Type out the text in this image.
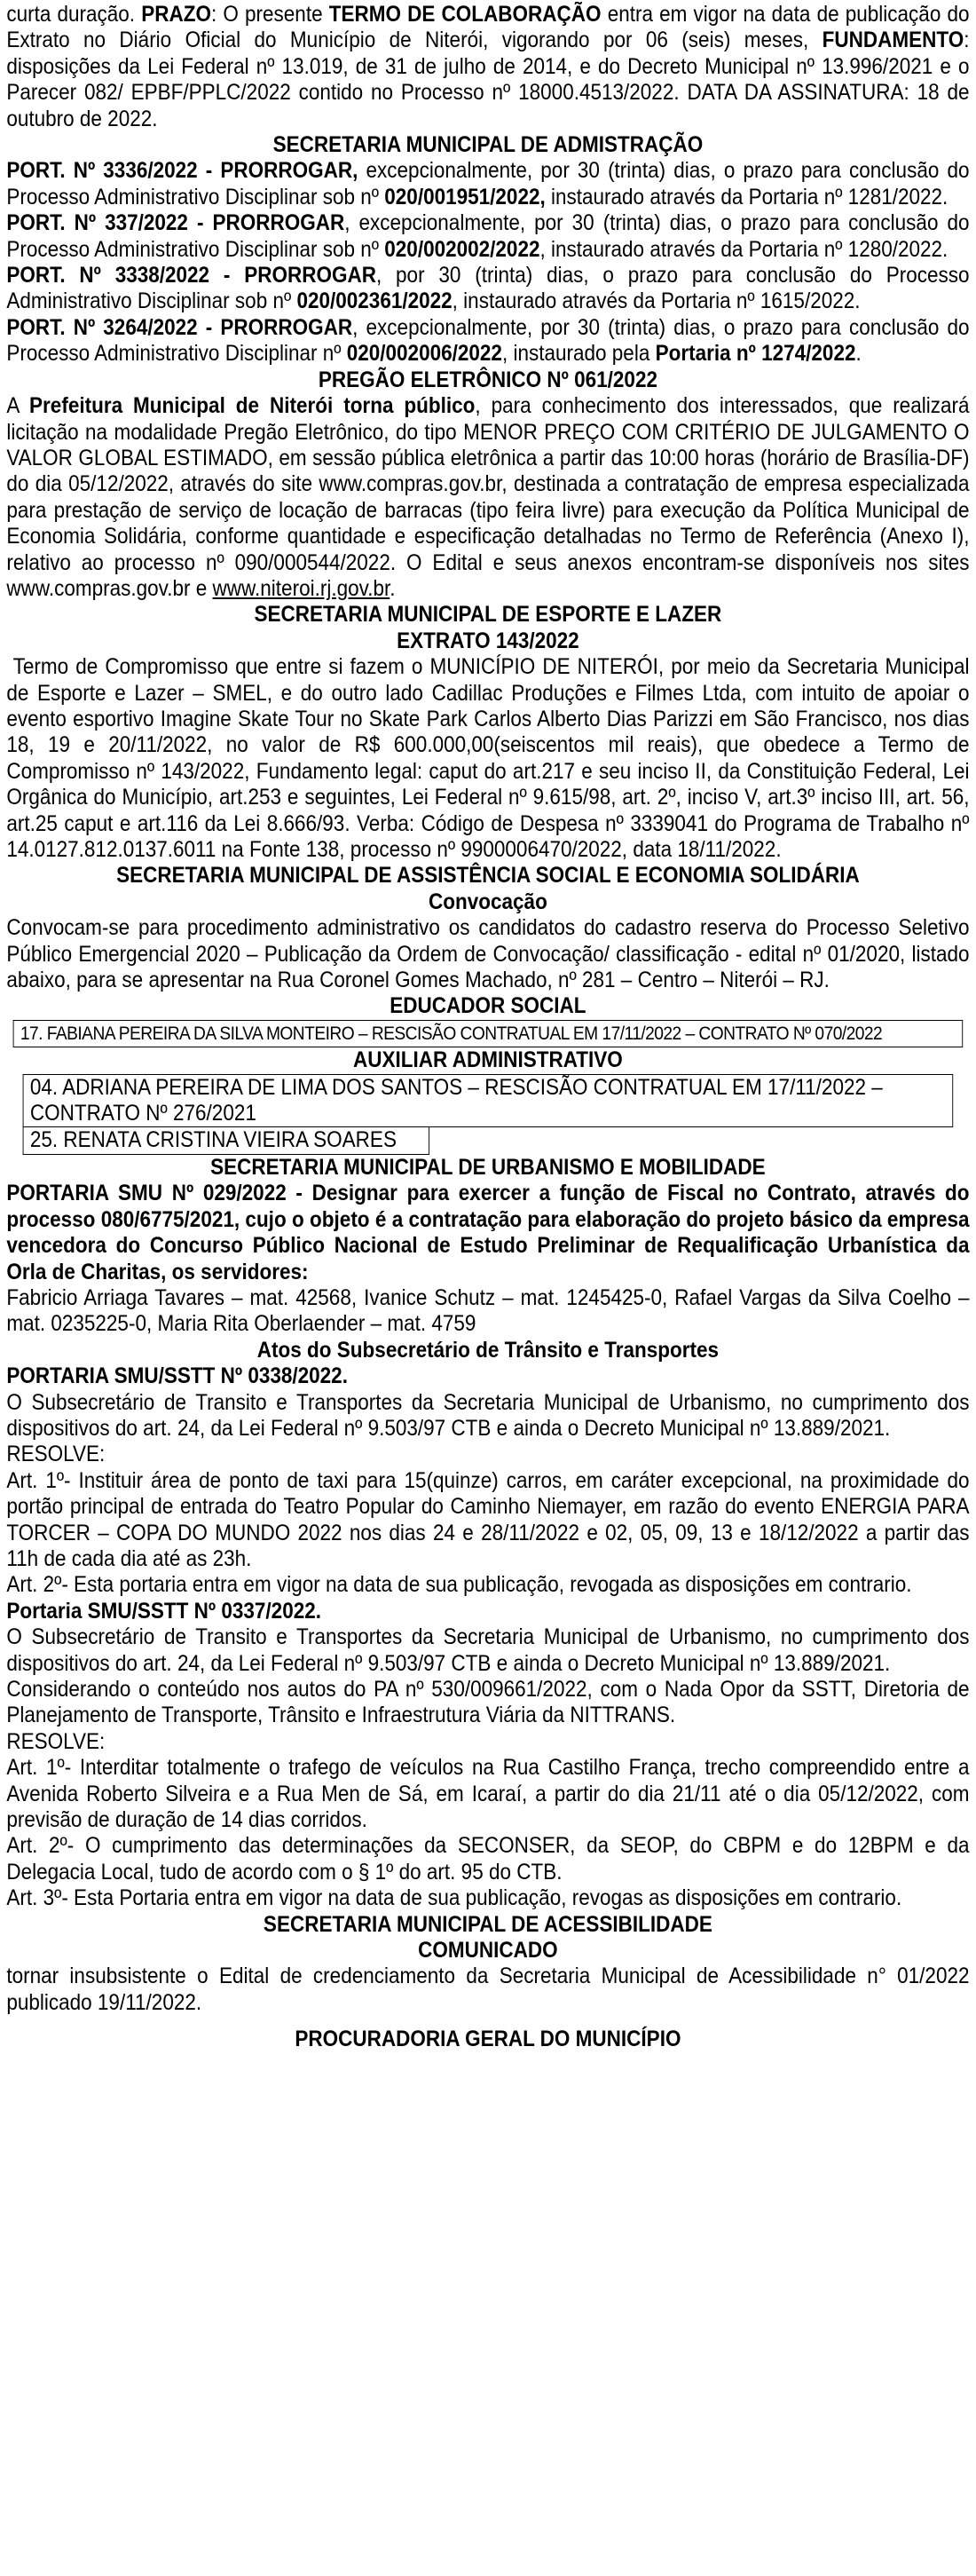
curta duração. PRAZO: O presente TERMO DE COLABORAÇÃO entra em vigor na data de publicação do Extrato no Diário Oficial do Município de Niterói, vigorando por 06 (seis) meses, FUNDAMENTO: disposições da Lei Federal nº 13.019, de 31 de julho de 2014, e do Decreto Municipal nº 13.996/2021 e o Parecer 082/ EPBF/PPLC/2022 contido no Processo nº 18000.4513/2022. DATA DA ASSINATURA: 18 de outubro de 2022.

SECRETARIA MUNICIPAL DE ADMISTRAÇÃO

PORT. Nº 3336/2022 - PRORROGAR, excepcionalmente, por 30 (trinta) dias, o prazo para conclusão do Processo Administrativo Disciplinar sob nº 020/001951/2022, instaurado através da Portaria nº 1281/2022.

PORT. Nº 337/2022 - PRORROGAR, excepcionalmente, por 30 (trinta) dias, o prazo para conclusão do Processo Administrativo Disciplinar sob nº 020/002002/2022, instaurado através da Portaria nº 1280/2022.

PORT. Nº 3338/2022 - PRORROGAR, por 30 (trinta) dias, o prazo para conclusão do Processo Administrativo Disciplinar sob nº 020/002361/2022, instaurado através da Portaria nº 1615/2022.

PORT. Nº 3264/2022 - PRORROGAR, excepcionalmente, por 30 (trinta) dias, o prazo para conclusão do Processo Administrativo Disciplinar nº 020/002006/2022, instaurado pela Portaria nº 1274/2022.

PREGÃO ELETRÔNICO Nº 061/2022

A Prefeitura Municipal de Niterói torna público, para conhecimento dos interessados, que realizará licitação na modalidade Pregão Eletrônico, do tipo MENOR PREÇO COM CRITÉRIO DE JULGAMENTO O VALOR GLOBAL ESTIMADO, em sessão pública eletrônica a partir das 10:00 horas (horário de Brasília-DF) do dia 05/12/2022, através do site www.compras.gov.br, destinada a contratação de empresa especializada para prestação de serviço de locação de barracas (tipo feira livre) para execução da Política Municipal de Economia Solidária, conforme quantidade e especificação detalhadas no Termo de Referência (Anexo I), relativo ao processo nº 090/000544/2022. O Edital e seus anexos encontram-se disponíveis nos sites www.compras.gov.br e www.niteroi.rj.gov.br.

SECRETARIA MUNICIPAL DE ESPORTE E LAZER

EXTRATO 143/2022

Termo de Compromisso que entre si fazem o MUNICÍPIO DE NITERÓI, por meio da Secretaria Municipal de Esporte e Lazer – SMEL, e do outro lado Cadillac Produções e Filmes Ltda, com intuito de apoiar o evento esportivo Imagine Skate Tour no Skate Park Carlos Alberto Dias Parizzi em São Francisco, nos dias 18, 19 e 20/11/2022, no valor de R$ 600.000,00(seiscentos mil reais), que obedece a Termo de Compromisso nº 143/2022, Fundamento legal: caput do art.217 e seu inciso II, da Constituição Federal, Lei Orgânica do Município, art.253 e seguintes, Lei Federal nº 9.615/98, art. 2º, inciso V, art.3º inciso III, art. 56, art.25 caput e art.116 da Lei 8.666/93. Verba: Código de Despesa nº 3339041 do Programa de Trabalho nº 14.0127.812.0137.6011 na Fonte 138, processo nº 9900006470/2022, data 18/11/2022.

SECRETARIA MUNICIPAL DE ASSISTÊNCIA SOCIAL E ECONOMIA SOLIDÁRIA

Convocação

Convocam-se para procedimento administrativo os candidatos do cadastro reserva do Processo Seletivo Público Emergencial 2020 – Publicação da Ordem de Convocação/ classificação - edital nº 01/2020, listado abaixo, para se apresentar na Rua Coronel Gomes Machado, nº 281 – Centro – Niterói – RJ.

EDUCADOR SOCIAL

17. FABIANA PEREIRA DA SILVA MONTEIRO – RESCISÃO CONTRATUAL EM 17/11/2022 – CONTRATO Nº 070/2022

AUXILIAR ADMINISTRATIVO

04. ADRIANA PEREIRA DE LIMA DOS SANTOS – RESCISÃO CONTRATUAL EM 17/11/2022 – CONTRATO Nº 276/2021
25. RENATA CRISTINA VIEIRA SOARES

SECRETARIA MUNICIPAL DE URBANISMO E MOBILIDADE

PORTARIA SMU Nº 029/2022 - Designar para exercer a função de Fiscal no Contrato, através do processo 080/6775/2021, cujo o objeto é a contratação para elaboração do projeto básico da empresa vencedora do Concurso Público Nacional de Estudo Preliminar de Requalificação Urbanística da Orla de Charitas, os servidores:

Fabricio Arriaga Tavares – mat. 42568, Ivanice Schutz – mat. 1245425-0, Rafael Vargas da Silva Coelho – mat. 0235225-0, Maria Rita Oberlaender – mat. 4759

Atos do Subsecretário de Trânsito e Transportes

PORTARIA SMU/SSTT Nº 0338/2022.

O Subsecretário de Transito e Transportes da Secretaria Municipal de Urbanismo, no cumprimento dos dispositivos do art. 24, da Lei Federal nº 9.503/97 CTB e ainda o Decreto Municipal nº 13.889/2021.

RESOLVE:

Art. 1º- Instituir área de ponto de taxi para 15(quinze) carros, em caráter excepcional, na proximidade do portão principal de entrada do Teatro Popular do Caminho Niemayer, em razão do evento ENERGIA PARA TORCER – COPA DO MUNDO 2022 nos dias 24 e 28/11/2022 e 02, 05, 09, 13 e 18/12/2022 a partir das 11h de cada dia até as 23h.

Art. 2º- Esta portaria entra em vigor na data de sua publicação, revogada as disposições em contrario.

Portaria SMU/SSTT Nº 0337/2022.

O Subsecretário de Transito e Transportes da Secretaria Municipal de Urbanismo, no cumprimento dos dispositivos do art. 24, da Lei Federal nº 9.503/97 CTB e ainda o Decreto Municipal nº 13.889/2021.

Considerando o conteúdo nos autos do PA nº 530/009661/2022, com o Nada Opor da SSTT, Diretoria de Planejamento de Transporte, Trânsito e Infraestrutura Viária da NITTRANS.

RESOLVE:

Art. 1º- Interditar totalmente o trafego de veículos na Rua Castilho França, trecho compreendido entre a Avenida Roberto Silveira e a Rua Men de Sá, em Icaraí, a partir do dia 21/11 até o dia 05/12/2022, com previsão de duração de 14 dias corridos.

Art. 2º- O cumprimento das determinações da SECONSER, da SEOP, do CBPM e do 12BPM e da Delegacia Local, tudo de acordo com o § 1º do art. 95 do CTB.

Art. 3º- Esta Portaria entra em vigor na data de sua publicação, revogas as disposições em contrario.

SECRETARIA MUNICIPAL DE ACESSIBILIDADE

COMUNICADO

tornar insubsistente o Edital de credenciamento da Secretaria Municipal de Acessibilidade n° 01/2022 publicado 19/11/2022.

PROCURADORIA GERAL DO MUNICÍPIO
